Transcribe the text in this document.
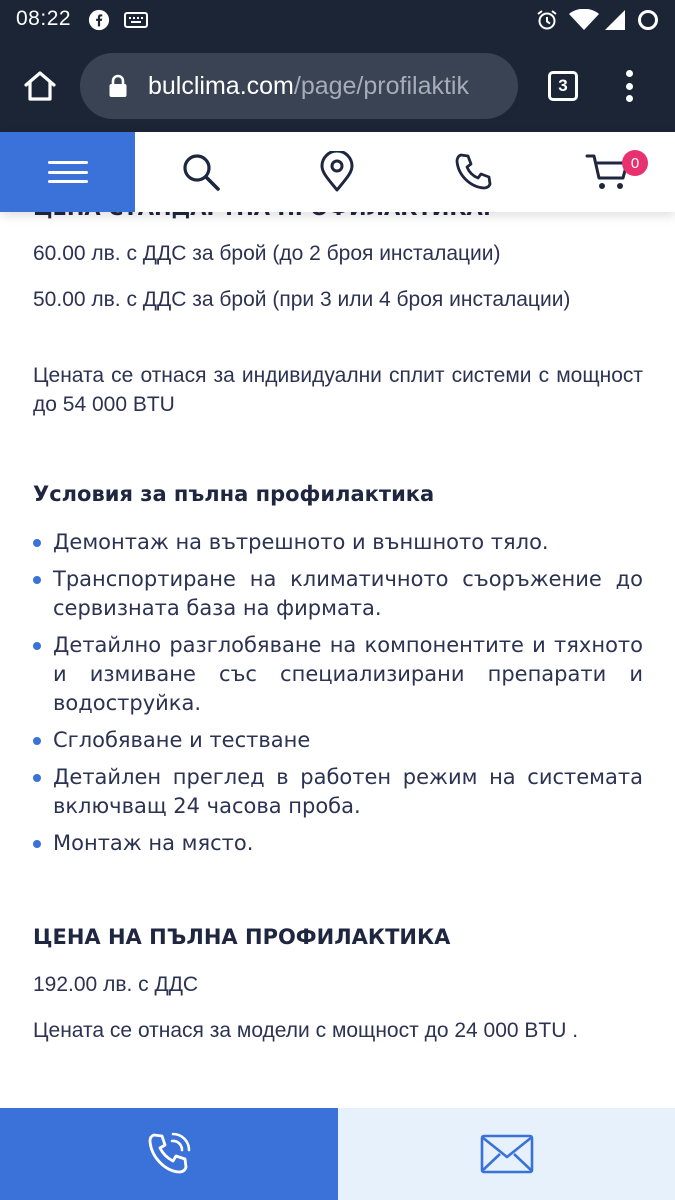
08:22
bulclima.com/page/profilaktik	3
0

60.00 лв. с ДДС за брой (до 2 броя инсталации)

50.00 лв. с ДДС за брой (при 3 или 4 броя инсталации)

Цената се отнася за индивидуални сплит системи с мощност до 54 000 BTU

Условия за пълна профилактика
Демонтаж на вътрешното и външното тяло.
Транспортиране на климатичното съоръжение до сервизната база на фирмата.
Детайлно разглобяване на компонентите и тяхното и измиване със специализирани препарати и водоструйка.
Сглобяване и тестване
Детайлен преглед в работен режим на системата включващ 24 часова проба.
Монтаж на място.
ЦЕНА НА ПЪЛНА ПРОФИЛАКТИКА

192.00 лв. с ДДС

Цената се отнася за модели с мощност до 24 000 BTU .
